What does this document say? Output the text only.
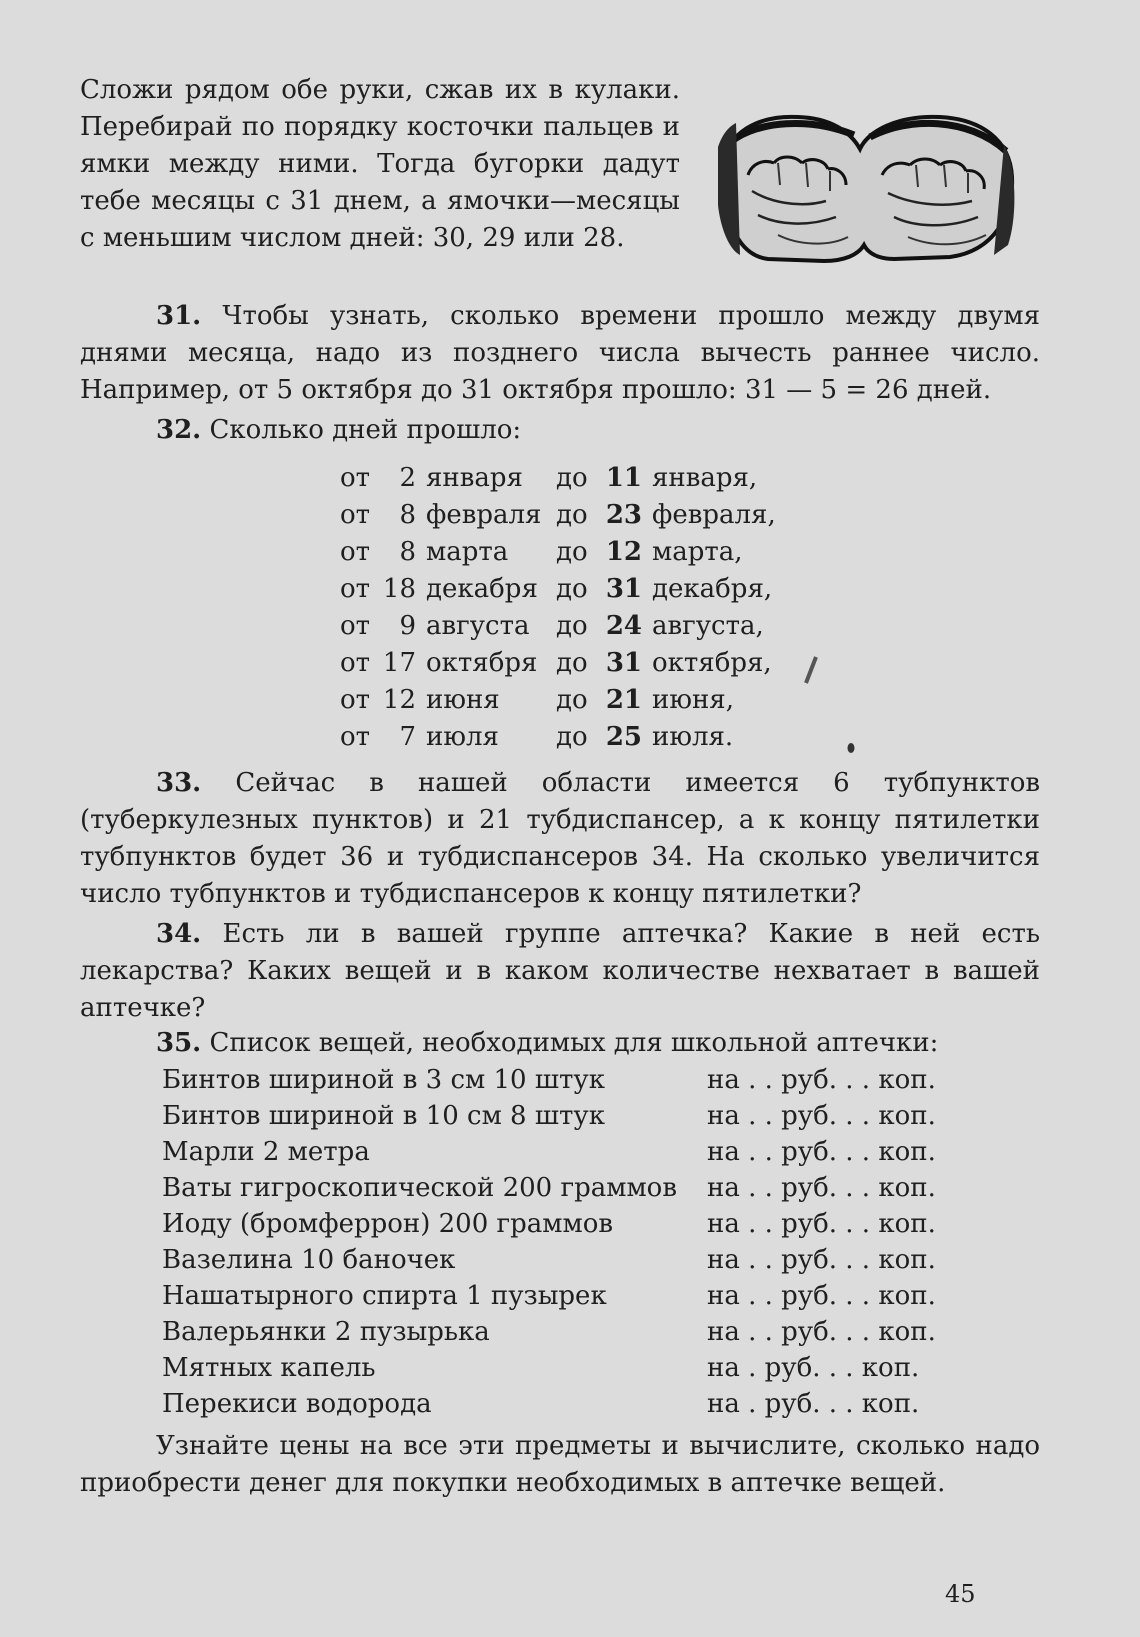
Сложи рядом обе руки, сжав их в кулаки. Перебирай по порядку косточки пальцев и ямки между ними. Тогда бугорки дадут тебе месяцы с 31 днем, а ямочки—месяцы с меньшим числом дней: 30, 29 или 28.

31. Чтобы узнать, сколько времени прошло между двумя днями месяца, надо из позднего числа вычесть раннее число. Например, от 5 октября до 31 октября прошло: 31 — 5 = 26 дней.

32. Сколько дней прошло:

от 2 января до 11 января,
от 8 февраля до 23 февраля,
от 8 марта до 12 марта,
от 18 декабря до 31 декабря,
от 9 августа до 24 августа,
от 17 октября до 31 октября,
от 12 июня до 21 июня,
от 7 июля до 25 июля.

33. Сейчас в нашей области имеется 6 тубпунктов (туберкулезных пунктов) и 21 тубдиспансер, а к концу пятилетки тубпунктов будет 36 и тубдиспансеров 34. На сколько увеличится число тубпунктов и тубдиспансеров к концу пятилетки?

34. Есть ли в вашей группе аптечка? Какие в ней есть лекарства? Каких вещей и в каком количестве нехватает в вашей аптечке?

35. Список вещей, необходимых для школьной аптечки:

Бинтов шириной в 3 см 10 штук	на . . руб. . . коп.
Бинтов шириной в 10 см 8 штук	на . . руб. . . коп.
Марли 2 метра	на . . руб. . . коп.
Ваты гигроскопической 200 граммов на . . руб. . . коп.
Иоду (бромферрон) 200 граммов	на . . руб. . . коп.
Вазелина 10 баночек	на . . руб. . . коп.
Нашатырного спирта 1 пузырек	на . . руб. . . коп.
Валерьянки 2 пузырька	на . . руб. . . коп.
Мятных капель	на . руб. . . коп.
Перекиси водорода	на . руб. . . коп.

Узнайте цены на все эти предметы и вычислите, сколько надо приобрести денег для покупки необходимых в аптечке вещей.

45
